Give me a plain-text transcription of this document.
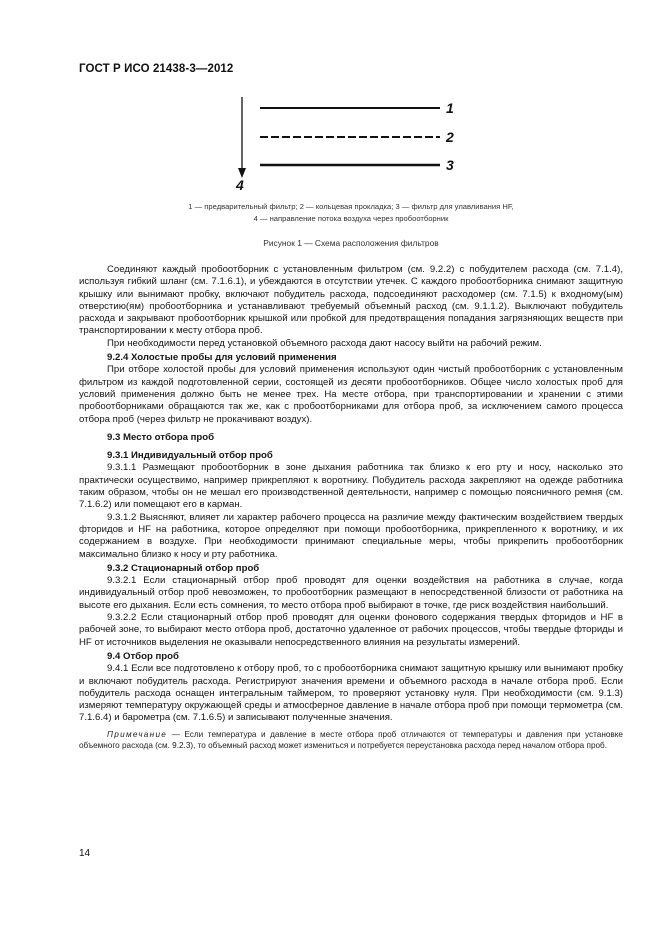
ГОСТ Р ИСО 21438-3—2012
1
2
3
4
1 — предварительный фильтр; 2 — кольцевая прокладка; 3 — фильтр для улавливания HF,
4 — направление потока воздуха через пробоотборник
Рисунок 1 — Схема расположения фильтров

Соединяют каждый пробоотборник с установленным фильтром (см. 9.2.2) с побудителем расхода (см. 7.1.4), используя гибкий шланг (см. 7.1.6.1), и убеждаются в отсутствии утечек. С каждого пробоотборника снимают защитную крышку или вынимают пробку, включают побудитель расхода, подсоединяют расходомер (см. 7.1.5) к входному(ым) отверстию(ям) пробоотборника и устанавливают требуемый объемный расход (см. 9.1.1.2). Выключают побудитель расхода и закрывают пробоотборник крышкой или пробкой для предотвращения попадания загрязняющих веществ при транспортировании к месту отбора проб.

При необходимости перед установкой объемного расхода дают насосу выйти на рабочий режим.

9.2.4 Холостые пробы для условий применения

При отборе холостой пробы для условий применения используют один чистый пробоотборник с установленным фильтром из каждой подготовленной серии, состоящей из десяти пробоотборников. Общее число холостых проб для условий применения должно быть не менее трех. На месте отбора, при транспортировании и хранении с этими пробоотборниками обращаются так же, как с пробоотборниками для отбора проб, за исключением самого процесса отбора проб (через фильтр не прокачивают воздух).

9.3 Место отбора проб
9.3.1 Индивидуальный отбор проб

9.3.1.1 Размещают пробоотборник в зоне дыхания работника так близко к его рту и носу, насколько это практически осуществимо, например прикрепляют к воротнику. Побудитель расхода закрепляют на одежде работника таким образом, чтобы он не мешал его производственной деятельности, например с помощью поясничного ремня (см. 7.1.6.2) или помещают его в карман.

9.3.1.2 Выясняют, влияет ли характер рабочего процесса на различие между фактическим воздействием твердых фторидов и HF на работника, которое определяют при помощи пробоотборника, прикрепленного к воротнику, и их содержанием в воздухе. При необходимости принимают специальные меры, чтобы прикрепить пробоотборник максимально близко к носу и рту работника.

9.3.2 Стационарный отбор проб

9.3.2.1 Если стационарный отбор проб проводят для оценки воздействия на работника в случае, когда индивидуальный отбор проб невозможен, то пробоотборник размещают в непосредственной близости от работника на высоте его дыхания. Если есть сомнения, то место отбора проб выбирают в точке, где риск воздействия наибольший.

9.3.2.2 Если стационарный отбор проб проводят для оценки фонового содержания твердых фторидов и HF в рабочей зоне, то выбирают место отбора проб, достаточно удаленное от рабочих процессов, чтобы твердые фториды и HF от источников выделения не оказывали непосредственного влияния на результаты измерений.

9.4 Отбор проб

9.4.1 Если все подготовлено к отбору проб, то с пробоотборника снимают защитную крышку или вынимают пробку и включают побудитель расхода. Регистрируют значения времени и объемного расхода в начале отбора проб. Если побудитель расхода оснащен интегральным таймером, то проверяют установку нуля. При необходимости (см. 9.1.3) измеряют температуру окружающей среды и атмосферное давление в начале отбора проб при помощи термометра (см. 7.1.6.4) и барометра (см. 7.1.6.5) и записывают полученные значения.

Примечание — Если температура и давление в месте отбора проб отличаются от температуры и давления при установке объемного расхода (см. 9.2.3), то объемный расход может измениться и потребуется переустановка расхода перед началом отбора проб.
14
